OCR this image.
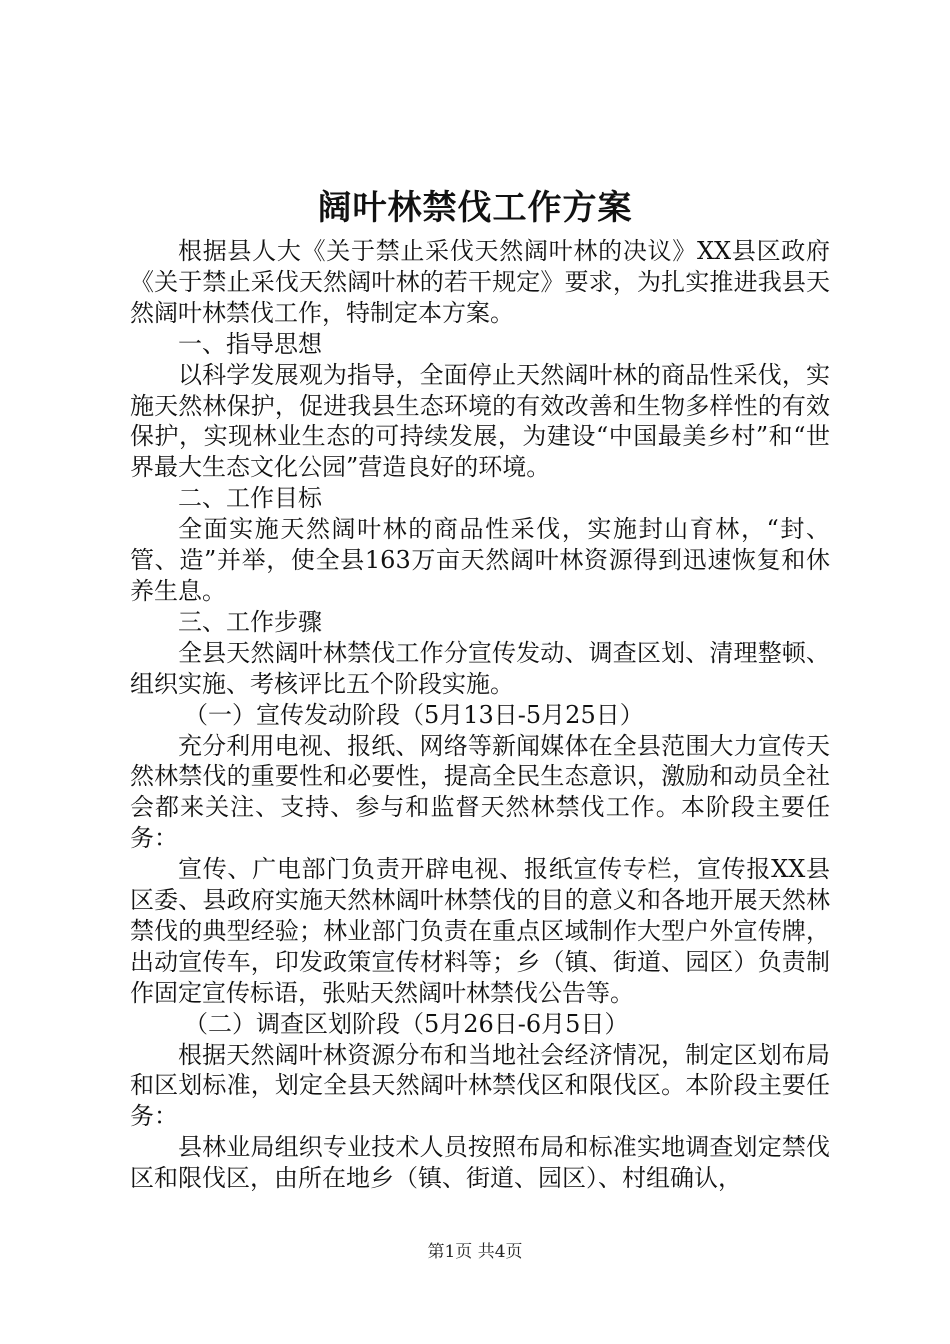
阔叶林禁伐工作方案

根据县人大《关于禁止采伐天然阔叶林的决议》XX县区政府《关于禁止采伐天然阔叶林的若干规定》要求，为扎实推进我县天然阔叶林禁伐工作，特制定本方案。

一、指导思想

以科学发展观为指导，全面停止天然阔叶林的商品性采伐，实施天然林保护，促进我县生态环境的有效改善和生物多样性的有效保护，实现林业生态的可持续发展，为建设“中国最美乡村”和“世界最大生态文化公园”营造良好的环境。

二、工作目标

全面实施天然阔叶林的商品性采伐，实施封山育林，“封、管、造”并举，使全县163万亩天然阔叶林资源得到迅速恢复和休养生息。

三、工作步骤

全县天然阔叶林禁伐工作分宣传发动、调查区划、清理整顿、组织实施、考核评比五个阶段实施。

（一）宣传发动阶段（5月13日-5月25日）

充分利用电视、报纸、网络等新闻媒体在全县范围大力宣传天然林禁伐的重要性和必要性，提高全民生态意识，激励和动员全社会都来关注、支持、参与和监督天然林禁伐工作。本阶段主要任务：

宣传、广电部门负责开辟电视、报纸宣传专栏，宣传报XX县区委、县政府实施天然林阔叶林禁伐的目的意义和各地开展天然林禁伐的典型经验；林业部门负责在重点区域制作大型户外宣传牌，出动宣传车，印发政策宣传材料等；乡（镇、街道、园区）负责制作固定宣传标语，张贴天然阔叶林禁伐公告等。

（二）调查区划阶段（5月26日-6月5日）

根据天然阔叶林资源分布和当地社会经济情况，制定区划布局和区划标准，划定全县天然阔叶林禁伐区和限伐区。本阶段主要任务：

县林业局组织专业技术人员按照布局和标准实地调查划定禁伐区和限伐区，由所在地乡（镇、街道、园区）、村组确认，

第1页 共4页
